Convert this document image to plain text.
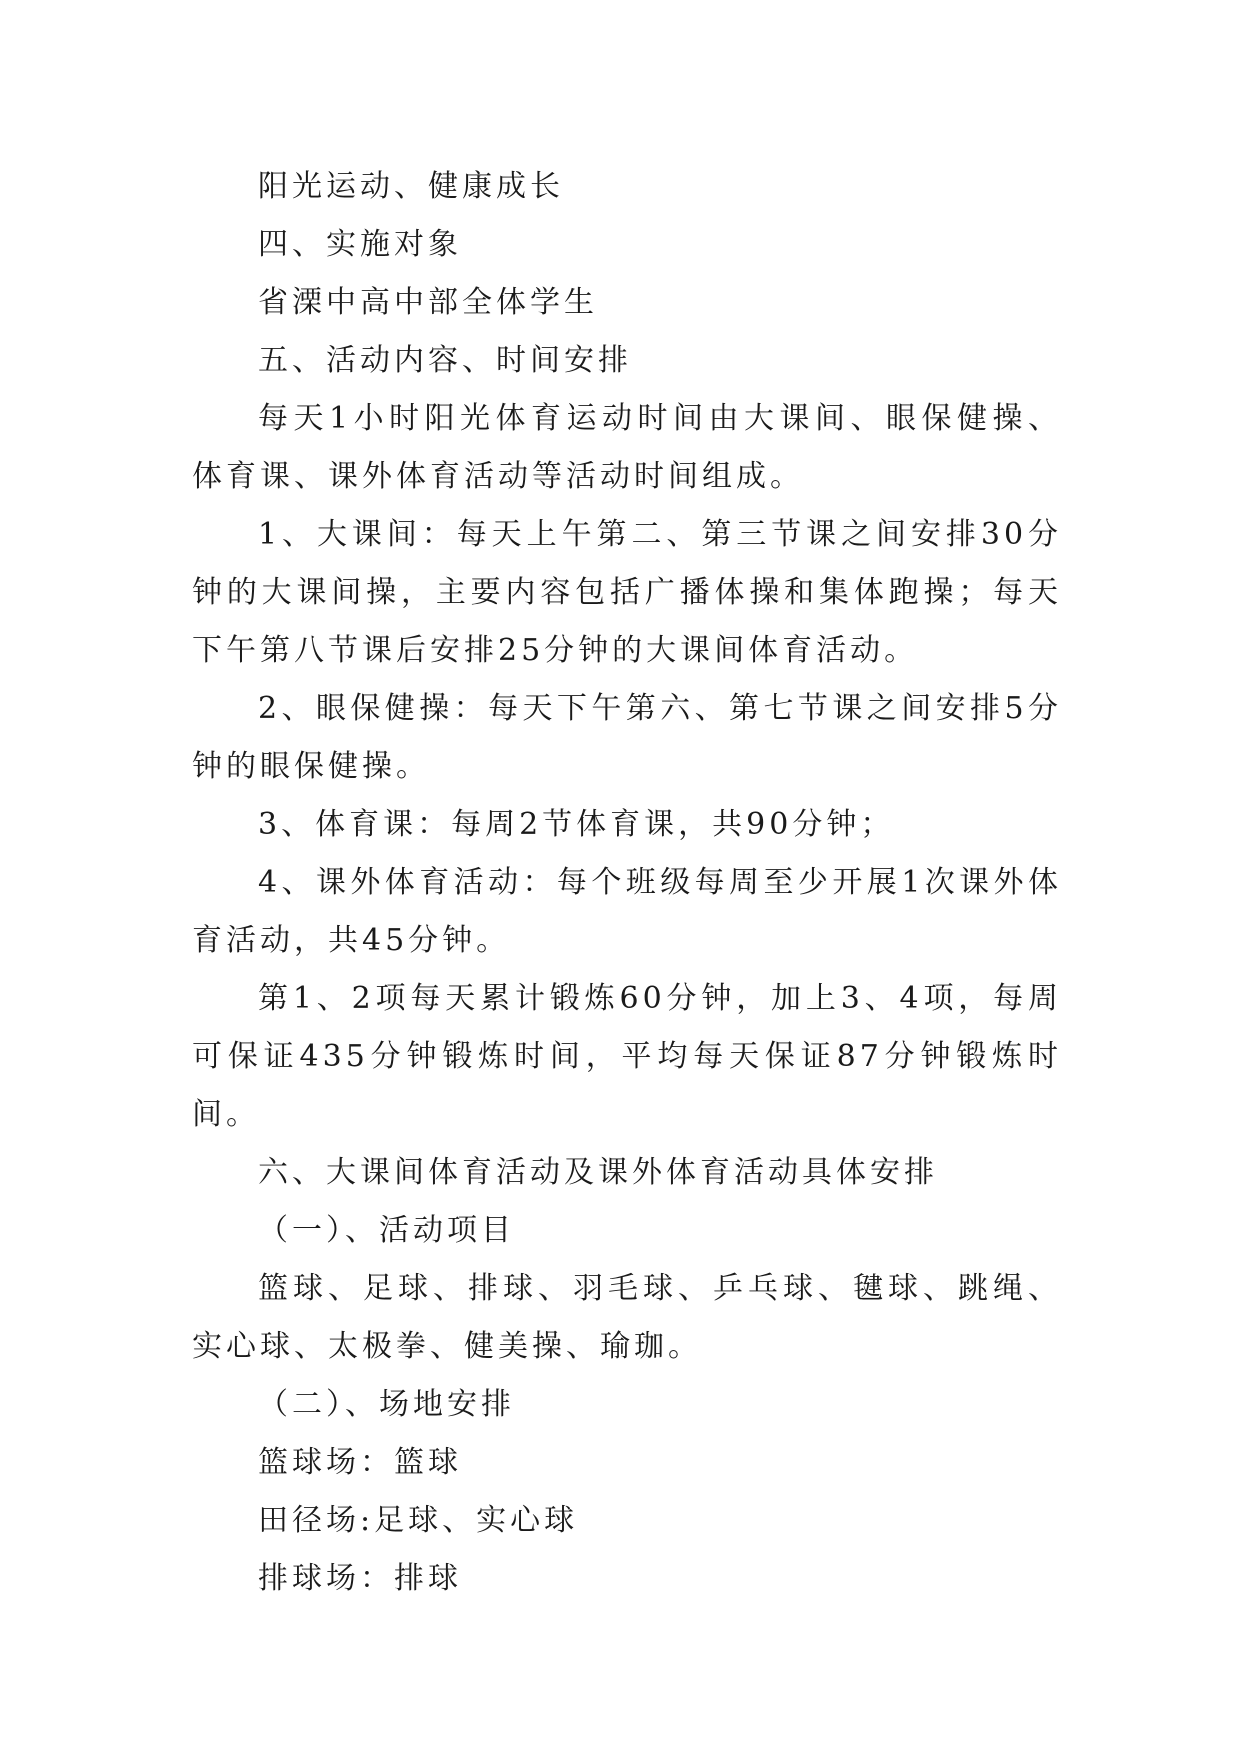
阳光运动、健康成长

四、实施对象

省溧中高中部全体学生

五、活动内容、时间安排

每天1小时阳光体育运动时间由大课间、眼保健操、体育课、课外体育活动等活动时间组成。

1、大课间：每天上午第二、第三节课之间安排30分钟的大课间操，主要内容包括广播体操和集体跑操；每天下午第八节课后安排25分钟的大课间体育活动。

2、眼保健操：每天下午第六、第七节课之间安排5分钟的眼保健操。

3、体育课：每周2节体育课，共90分钟；

4、课外体育活动：每个班级每周至少开展1次课外体育活动，共45分钟。

第1、2项每天累计锻炼60分钟，加上3、4项，每周可保证435分钟锻炼时间，平均每天保证87分钟锻炼时间。

六、大课间体育活动及课外体育活动具体安排

（一）、活动项目

篮球、足球、排球、羽毛球、乒乓球、毽球、跳绳、实心球、太极拳、健美操、瑜珈。

（二）、场地安排

篮球场：篮球

田径场:足球、实心球

排球场：排球
